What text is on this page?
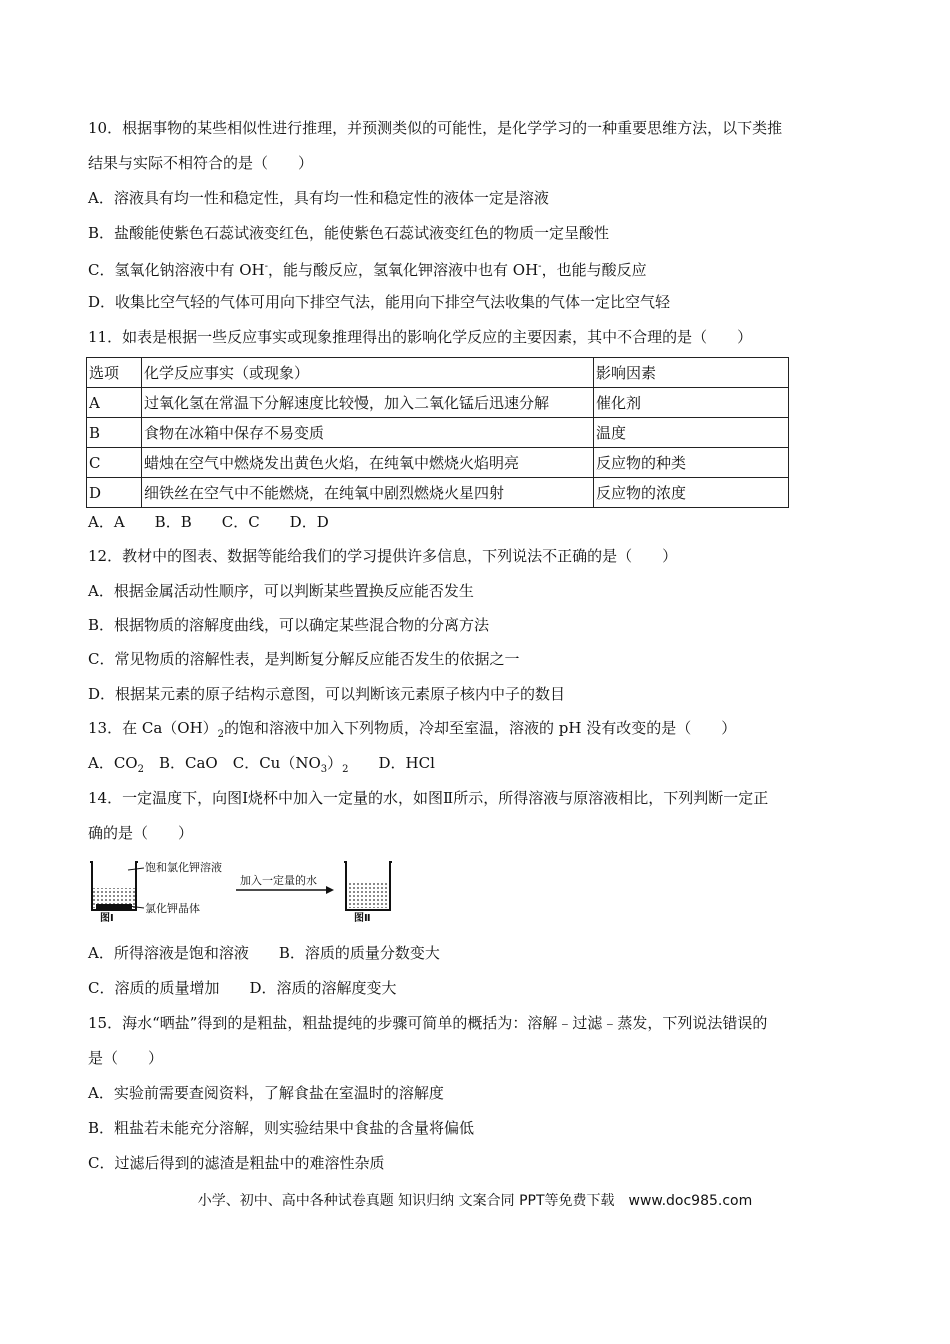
10．根据事物的某些相似性进行推理，并预测类似的可能性，是化学学习的一种重要思维方法，以下类推
结果与实际不相符合的是（　　）
A．溶液具有均一性和稳定性，具有均一性和稳定性的液体一定是溶液
B．盐酸能使紫色石蕊试液变红色，能使紫色石蕊试液变红色的物质一定呈酸性
C．氢氧化钠溶液中有 OH-，能与酸反应，氢氧化钾溶液中也有 OH-，也能与酸反应
D．收集比空气轻的气体可用向下排空气法，能用向下排空气法收集的气体一定比空气轻
11．如表是根据一些反应事实或现象推理得出的影响化学反应的主要因素，其中不合理的是（　　）
选项	化学反应事实（或现象）	影响因素
A	过氧化氢在常温下分解速度比较慢，加入二氧化锰后迅速分解	催化剂
B	食物在冰箱中保存不易变质	温度
C	蜡烛在空气中燃烧发出黄色火焰，在纯氧中燃烧火焰明亮	反应物的种类
D	细铁丝在空气中不能燃烧，在纯氧中剧烈燃烧火星四射	反应物的浓度
A．A　　B．B　　C．C　　D．D
12．教材中的图表、数据等能给我们的学习提供许多信息，下列说法不正确的是（　　）
A．根据金属活动性顺序，可以判断某些置换反应能否发生
B．根据物质的溶解度曲线，可以确定某些混合物的分离方法
C．常见物质的溶解性表，是判断复分解反应能否发生的依据之一
D．根据某元素的原子结构示意图，可以判断该元素原子核内中子的数目
13．在 $Ca(OH)_2$的饱和溶液中加入下列物质，冷却至室温，溶液的 pH 没有改变的是（　　）
A．$CO_2$　B．CaO　C．$Cu(NO_3)_2$　　D．HCl
14．一定温度下，向图Ⅰ烧杯中加入一定量的水，如图Ⅱ所示，所得溶液与原溶液相比，下列判断一定正
确的是（　　）
饱和氯化钾溶液
氯化钾晶体
图Ⅰ
加入一定量的水
图Ⅱ
A．所得溶液是饱和溶液　　B．溶质的质量分数变大
C．溶质的质量增加　　D．溶质的溶解度变大
15．海水“晒盐”得到的是粗盐，粗盐提纯的步骤可简单的概括为：溶解﹣过滤﹣蒸发，下列说法错误的
是（　　）
A．实验前需要查阅资料，了解食盐在室温时的溶解度
B．粗盐若未能充分溶解，则实验结果中食盐的含量将偏低
C．过滤后得到的滤渣是粗盐中的难溶性杂质
小学、初中、高中各种试卷真题 知识归纳 文案合同 PPT等免费下载　www.doc985.com
